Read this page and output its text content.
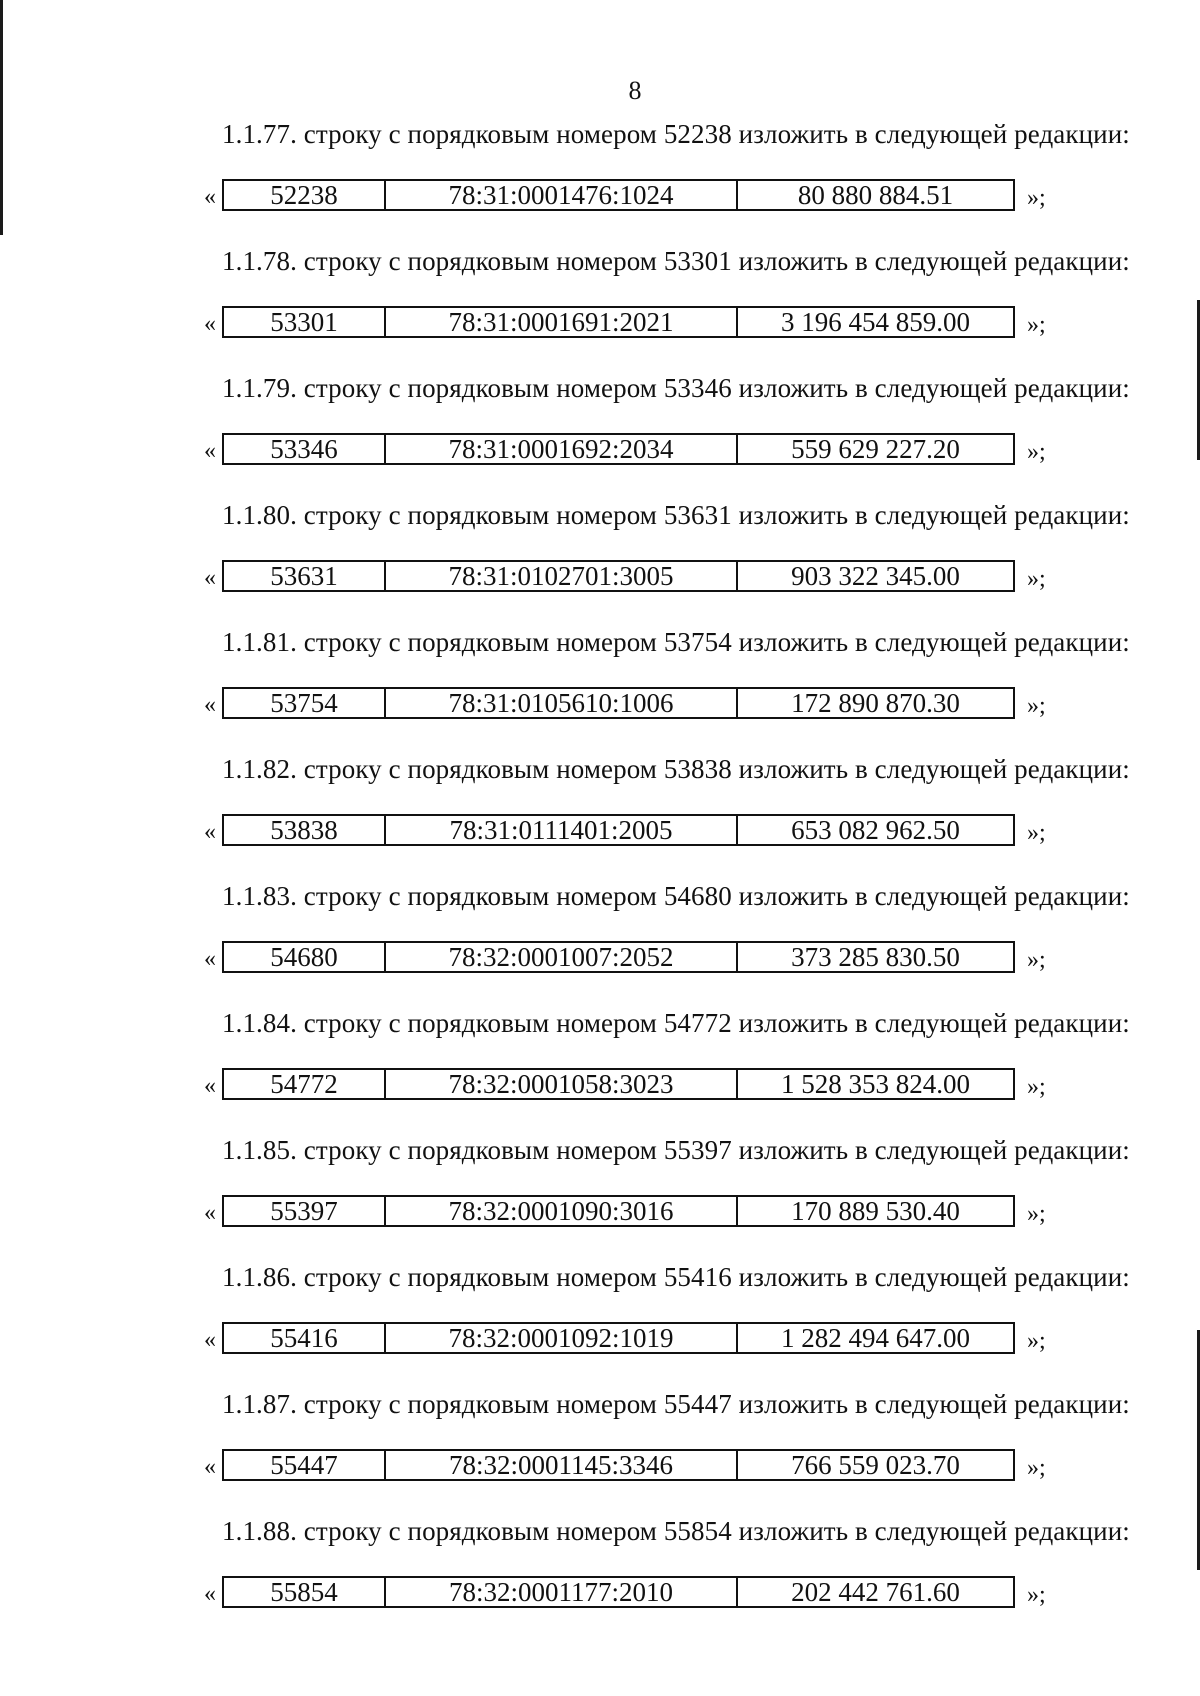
8
1.1.77. строку с порядковым номером 52238 изложить в следующей редакции:
« 52238	78:31:0001476:1024	80 880 884.51	»;
1.1.78. строку с порядковым номером 53301 изложить в следующей редакции:
« 53301	78:31:0001691:2021	3 196 454 859.00	»;
1.1.79. строку с порядковым номером 53346 изложить в следующей редакции:
« 53346	78:31:0001692:2034	559 629 227.20	»;
1.1.80. строку с порядковым номером 53631 изложить в следующей редакции:
« 53631	78:31:0102701:3005	903 322 345.00	»;
1.1.81. строку с порядковым номером 53754 изложить в следующей редакции:
« 53754	78:31:0105610:1006	172 890 870.30	»;
1.1.82. строку с порядковым номером 53838 изложить в следующей редакции:
« 53838	78:31:0111401:2005	653 082 962.50	»;
1.1.83. строку с порядковым номером 54680 изложить в следующей редакции:
« 54680	78:32:0001007:2052	373 285 830.50	»;
1.1.84. строку с порядковым номером 54772 изложить в следующей редакции:
« 54772	78:32:0001058:3023	1 528 353 824.00	»;
1.1.85. строку с порядковым номером 55397 изложить в следующей редакции:
« 55397	78:32:0001090:3016	170 889 530.40	»;
1.1.86. строку с порядковым номером 55416 изложить в следующей редакции:
« 55416	78:32:0001092:1019	1 282 494 647.00	»;
1.1.87. строку с порядковым номером 55447 изложить в следующей редакции:
« 55447	78:32:0001145:3346	766 559 023.70	»;
1.1.88. строку с порядковым номером 55854 изложить в следующей редакции:
« 55854	78:32:0001177:2010	202 442 761.60	»;
